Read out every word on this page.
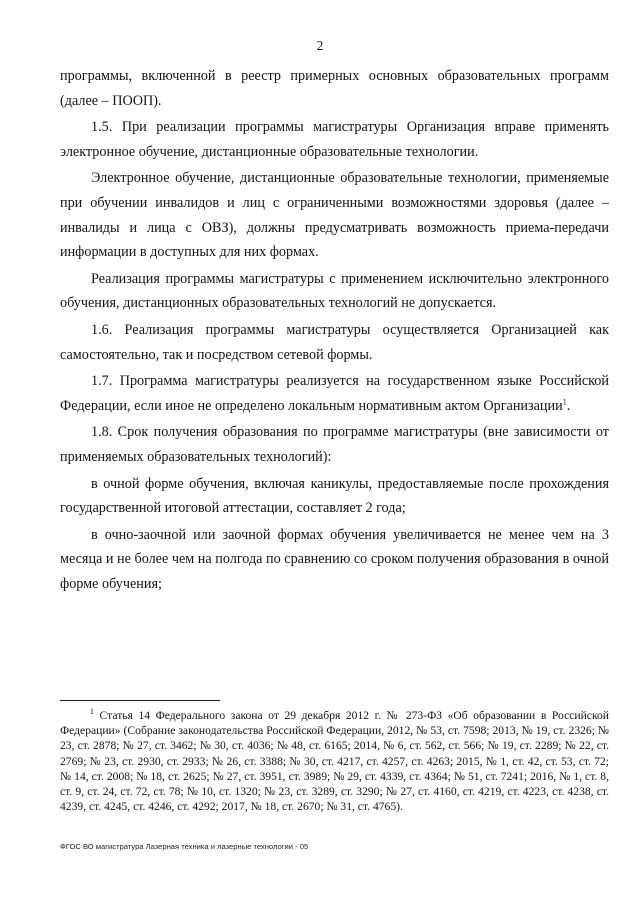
2

программы, включенной в реестр примерных основных образовательных программ (далее – ПООП).

1.5. При реализации программы магистратуры Организация вправе применять электронное обучение, дистанционные образовательные технологии.

Электронное обучение, дистанционные образовательные технологии, применяемые при обучении инвалидов и лиц с ограниченными возможностями здоровья (далее – инвалиды и лица с ОВЗ), должны предусматривать возможность приема-передачи информации в доступных для них формах.

Реализация программы магистратуры с применением исключительно электронного обучения, дистанционных образовательных технологий не допускается.

1.6. Реализация программы магистратуры осуществляется Организацией как самостоятельно, так и посредством сетевой формы.

1.7. Программа магистратуры реализуется на государственном языке Российской Федерации, если иное не определено локальным нормативным актом Организации$^1$.

1.8. Срок получения образования по программе магистратуры (вне зависимости от применяемых образовательных технологий):

в очной форме обучения, включая каникулы, предоставляемые после прохождения государственной итоговой аттестации, составляет 2 года;

в очно-заочной или заочной формах обучения увеличивается не менее чем на 3 месяца и не более чем на полгода по сравнению со сроком получения образования в очной форме обучения;

$^1$ Статья 14 Федерального закона от 29 декабря 2012 г. № 273-ФЗ «Об образовании в Российской Федерации» (Собрание законодательства Российской Федерации, 2012, № 53, ст. 7598; 2013, № 19, ст. 2326; № 23, ст. 2878; № 27, ст. 3462; № 30, ст. 4036; № 48, ст. 6165; 2014, № 6, ст. 562, ст. 566; № 19, ст. 2289; № 22, ст. 2769; № 23, ст. 2930, ст. 2933; № 26, ст. 3388; № 30, ст. 4217, ст. 4257, ст. 4263; 2015, № 1, ст. 42, ст. 53, ст. 72; № 14, ст. 2008; № 18, ст. 2625; № 27, ст. 3951, ст. 3989; № 29, ст. 4339, ст. 4364; № 51, ст. 7241; 2016, № 1, ст. 8, ст. 9, ст. 24, ст. 72, ст. 78; № 10, ст. 1320; № 23, ст. 3289, ст. 3290; № 27, ст. 4160, ст. 4219, ст. 4223, ст. 4238, ст. 4239, ст. 4245, ст. 4246, ст. 4292; 2017, № 18, ст. 2670; № 31, ст. 4765).
ФГОС ВО магистратура Лазерная техника и лазерные технологии - 05
